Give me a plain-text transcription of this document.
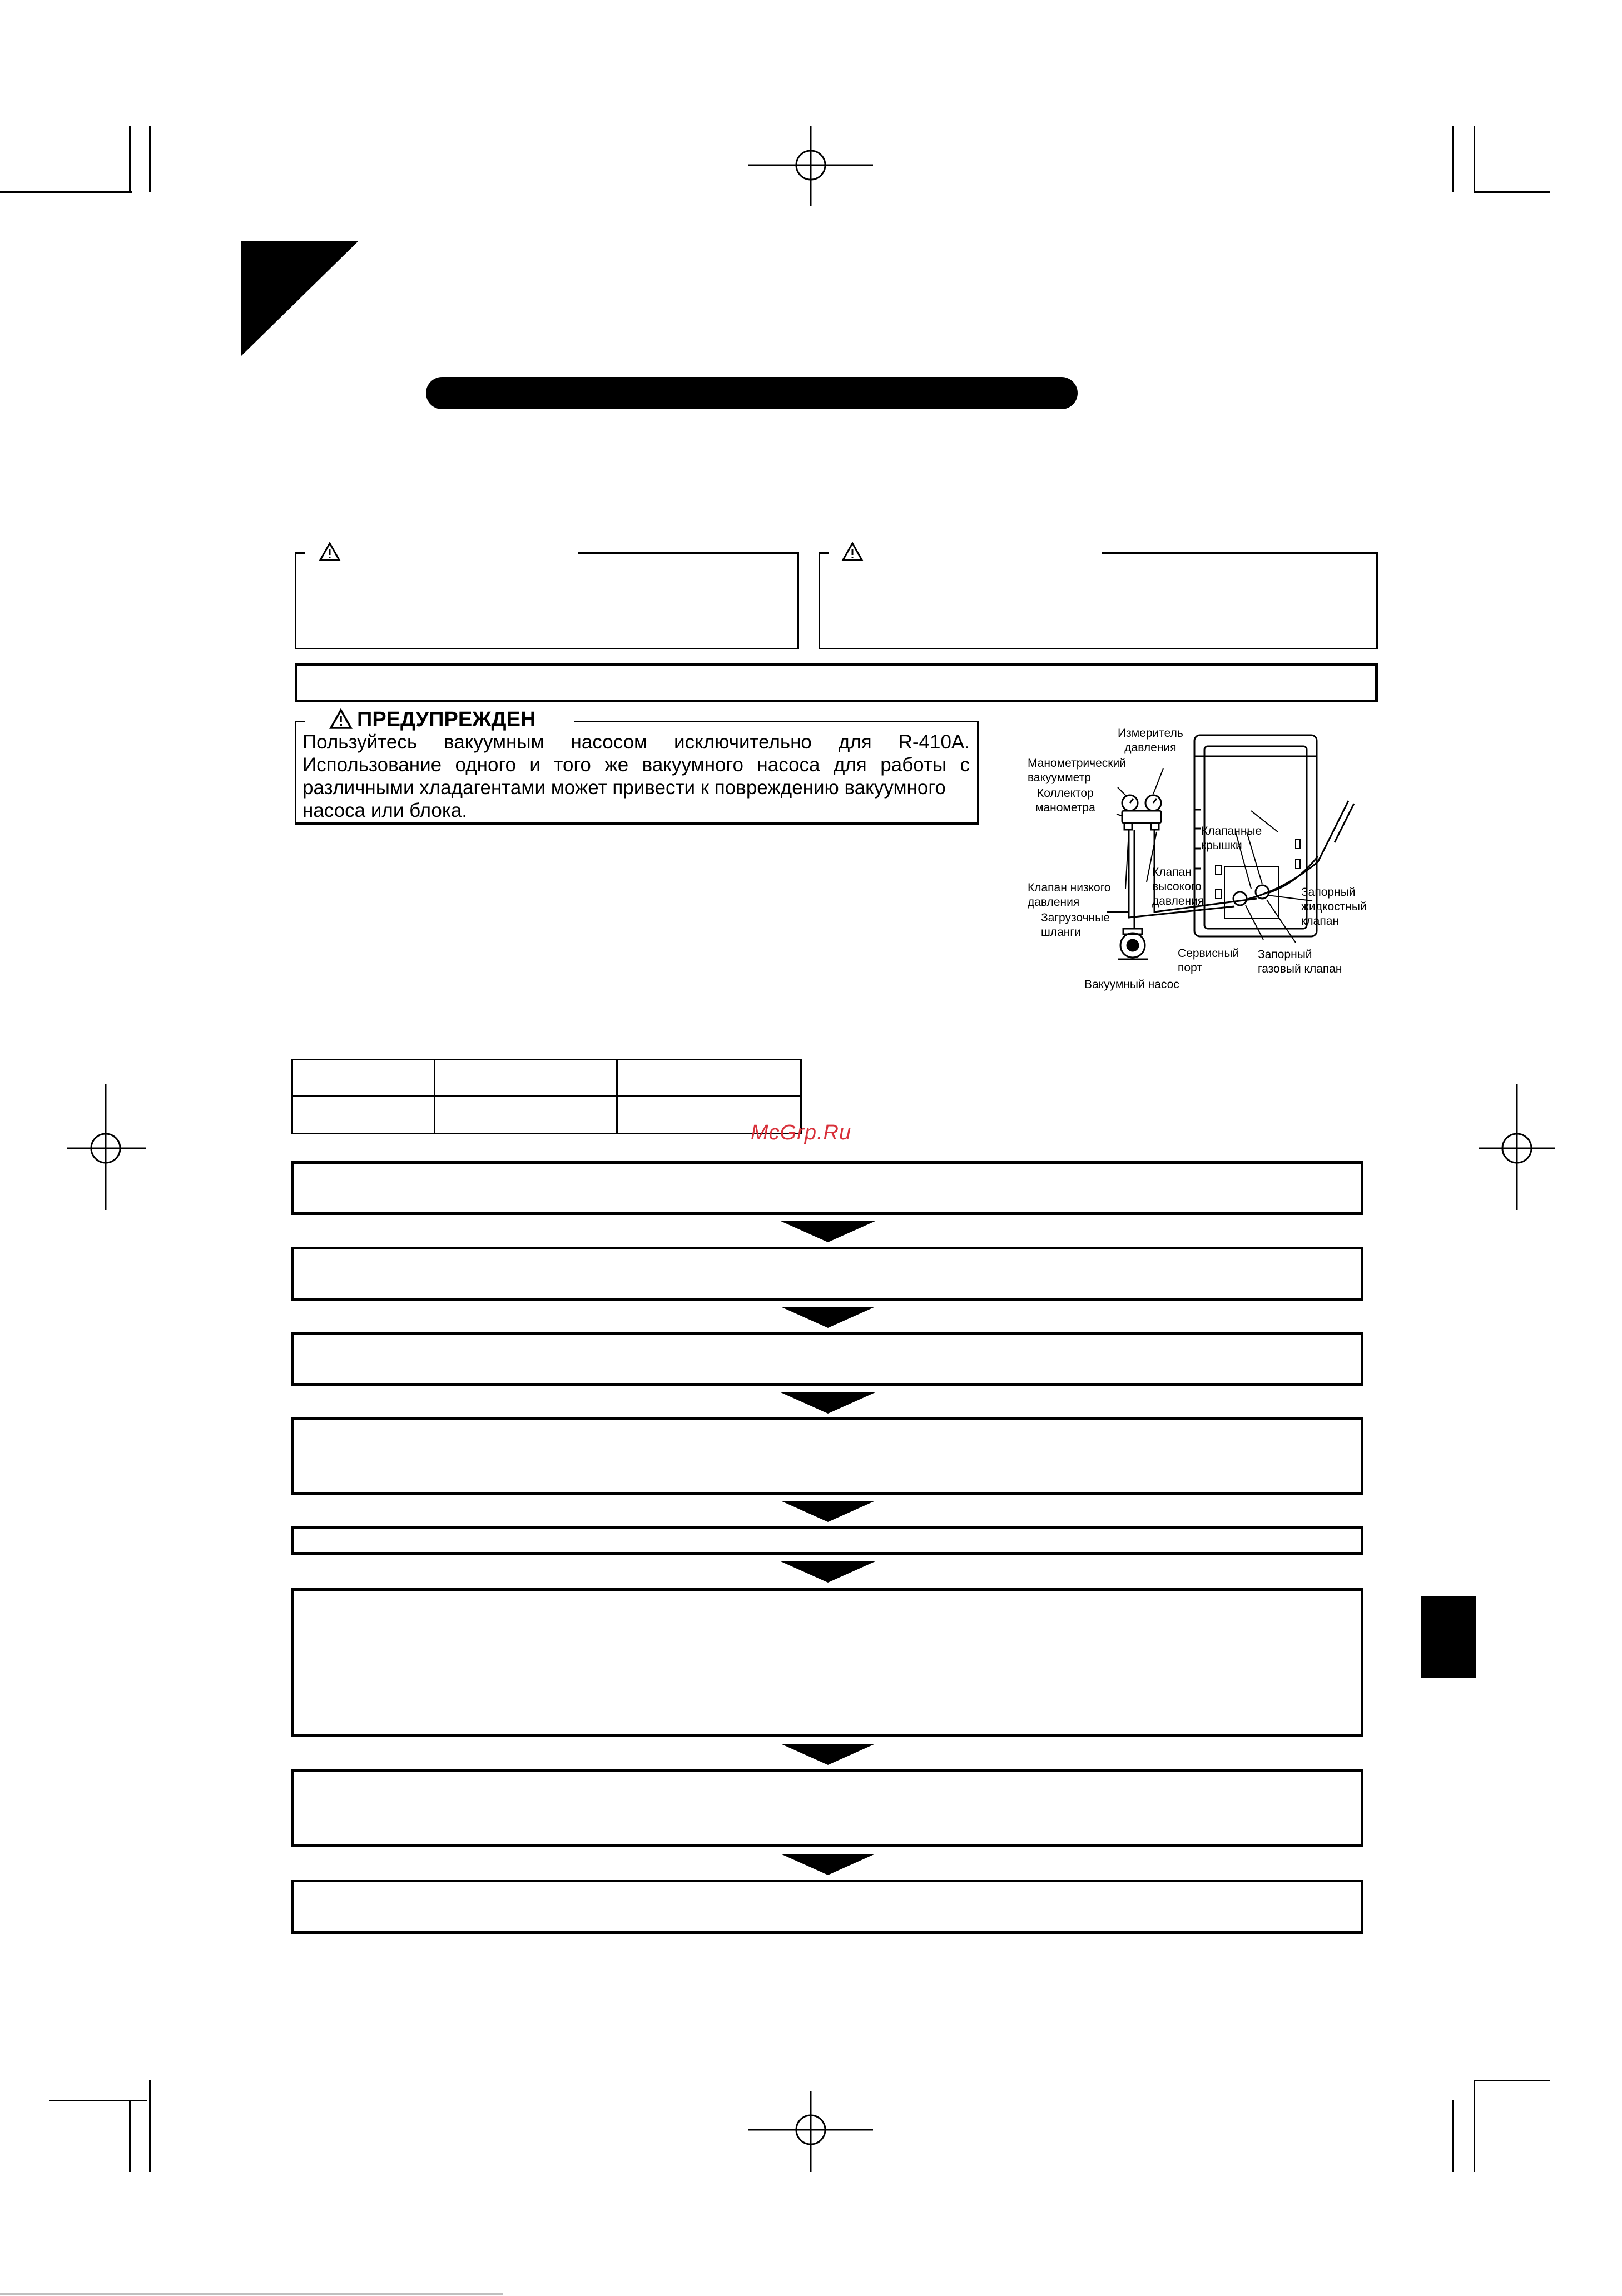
ПРЕДУПРЕЖДЕН
Пользуйтесь вакуумным насосом исключительно для R-410A.
Использование одного и того же вакуумного насоса для работы с
различными хладагентами может привести к повреждению вакуумного
насоса или блока.
Измеритель
давления
Манометрический
вакуумметр
Коллектор
манометра
Клапанные
крышки
Клапан
высокого
давления
Клапан низкого
давления
Запорный
жидкостный
клапан
Загрузочные
шланги
Сервисный
порт
Запорный
газовый клапан
Вакуумный насос
McGrp.Ru
